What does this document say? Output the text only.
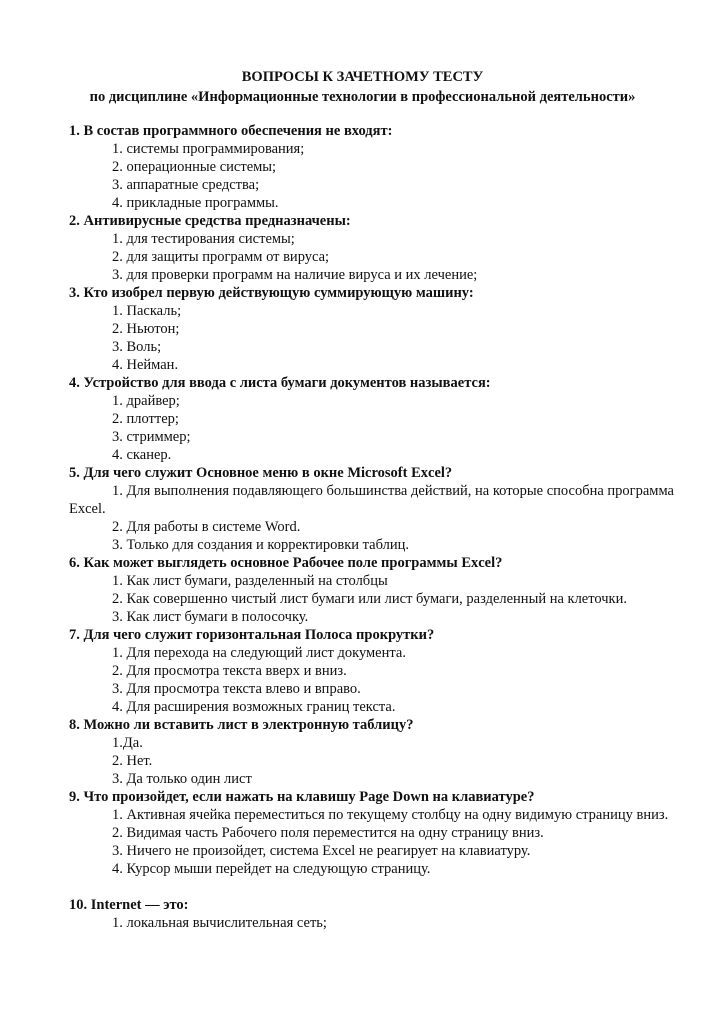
ВОПРОСЫ К ЗАЧЕТНОМУ ТЕСТУ
по дисциплине «Информационные технологии в профессиональной деятельности»
1. В состав программного обеспечения не входят:
1. системы программирования;
2. операционные системы;
3. аппаратные средства;
4. прикладные программы.
2. Антивирусные средства предназначены:
1. для тестирования системы;
2. для защиты программ от вируса;
3. для проверки программ на наличие вируса и их лечение;
3. Кто изобрел первую действующую суммирующую машину:
1. Паскаль;
2. Ньютон;
3. Воль;
4. Нейман.
4. Устройство для ввода с листа бумаги документов называется:
1. драйвер;
2. плоттер;
3. стриммер;
4. сканер.
5. Для чего служит Основное меню в окне Microsoft Excel?
1. Для выполнения подавляющего большинства действий, на которые способна программа Excel.
2. Для работы в системе Word.
3. Только для создания и корректировки таблиц.
6. Как может выглядеть основное Рабочее поле программы Excel?
1. Как лист бумаги, разделенный на столбцы
2. Как совершенно чистый лист бумаги или лист бумаги, разделенный на клеточки.
3. Как лист бумаги в полосочку.
7. Для чего служит горизонтальная Полоса прокрутки?
1. Для перехода на следующий лист документа.
2. Для просмотра текста вверх и вниз.
3. Для просмотра текста влево и вправо.
4. Для расширения возможных границ текста.
8. Можно ли вставить лист в электронную таблицу?
1.Да.
2. Нет.
3. Да только один лист
9. Что произойдет, если нажать на клавишу Page Down на клавиатуре?
1. Активная ячейка переместиться по текущему столбцу на одну видимую страницу вниз.
2. Видимая часть Рабочего поля переместится на одну страницу вниз.
3. Ничего не произойдет, система Excel не реагирует на клавиатуру.
4. Курсор мыши перейдет на следующую страницу.
10. Internet — это:
1. локальная вычислительная сеть;
